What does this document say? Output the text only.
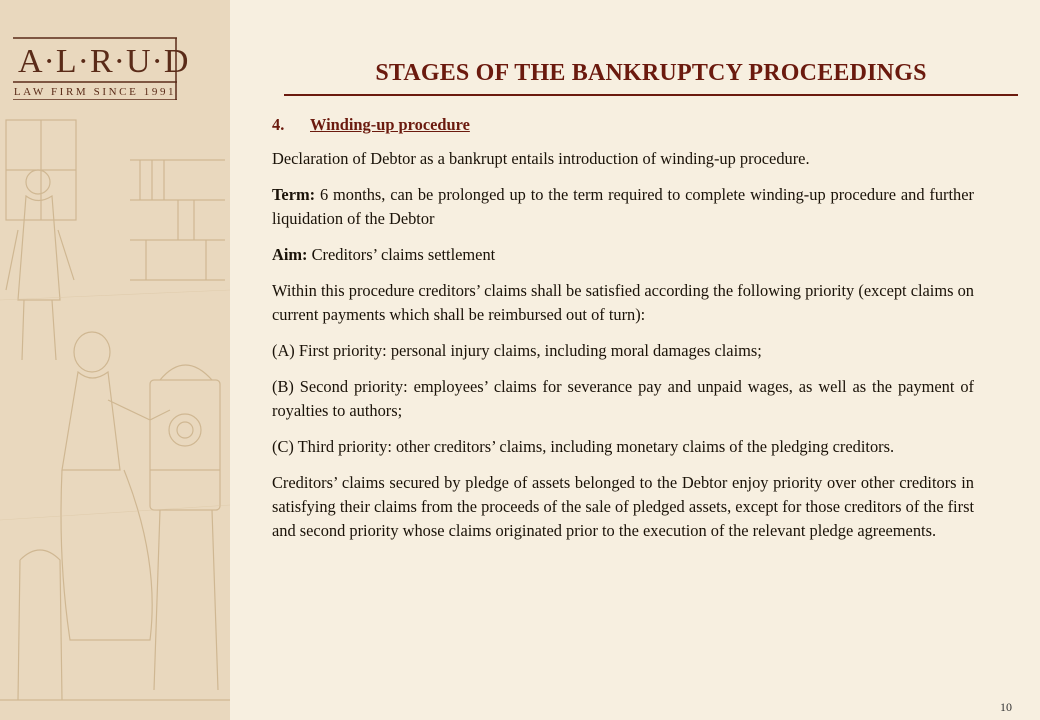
A·L·R·U·D
LAW FIRM SINCE 1991
STAGES OF THE BANKRUPTCY PROCEEDINGS

4. Winding-up procedure

Declaration of Debtor as a bankrupt entails introduction of winding-up procedure.

Term: 6 months, can be prolonged up to the term required to complete winding-up procedure and further liquidation of the Debtor

Aim: Creditors’ claims settlement

Within this procedure creditors’ claims shall be satisfied according the following priority (except claims on current payments which shall be reimbursed out of turn):

(A) First priority: personal injury claims, including moral damages claims;

(B) Second priority: employees’ claims for severance pay and unpaid wages, as well as the payment of royalties to authors;

(C) Third priority: other creditors’ claims, including monetary claims of the pledging creditors.

Creditors’ claims secured by pledge of assets belonged to the Debtor enjoy priority over other creditors in satisfying their claims from the proceeds of the sale of pledged assets, except for those creditors of the first and second priority whose claims originated prior to the execution of the relevant pledge agreements.

10
